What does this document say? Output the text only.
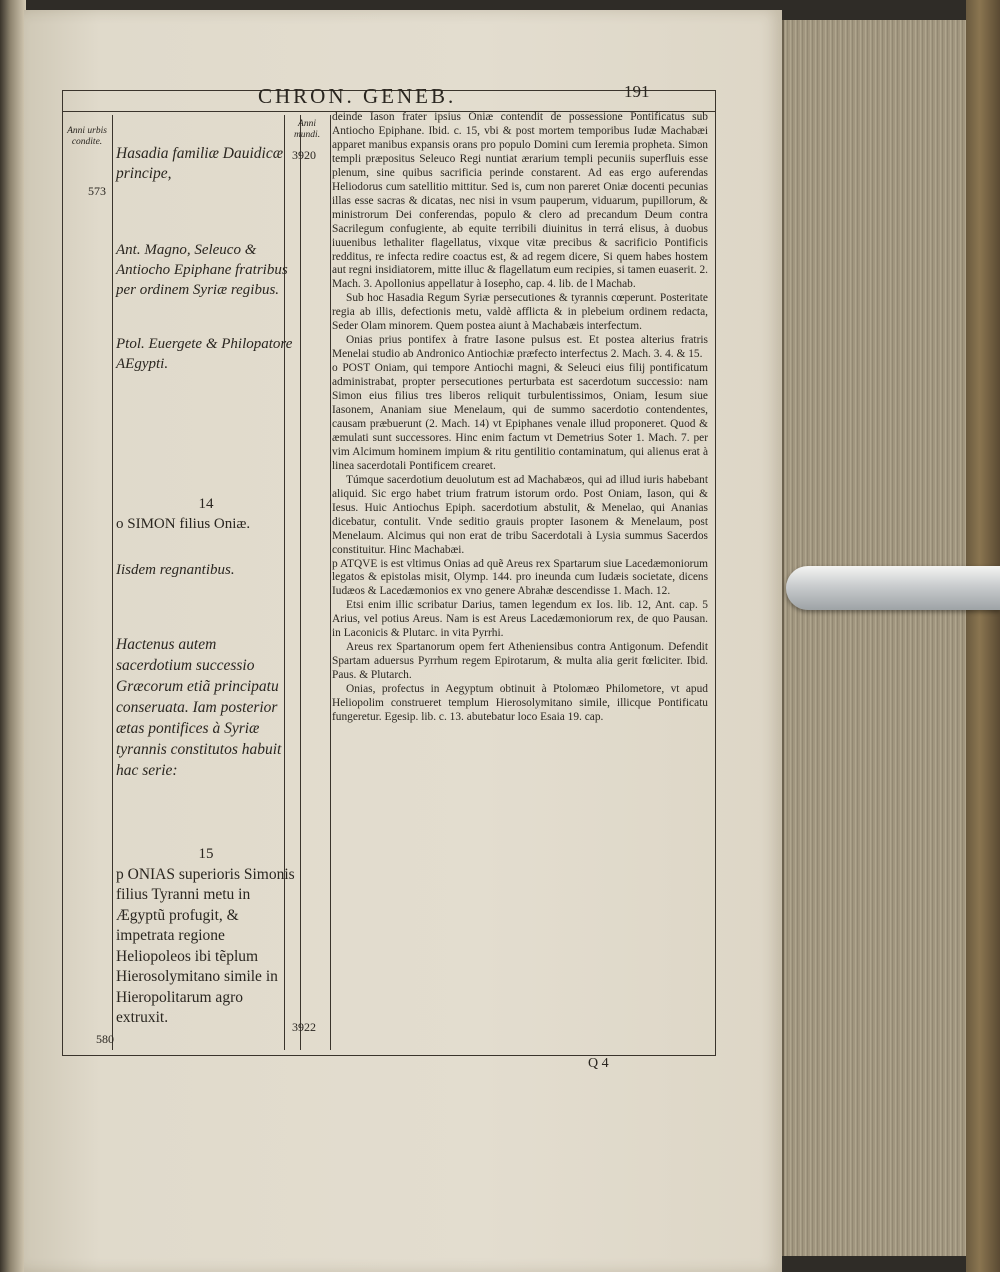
CHRON. GENEB.	191
Anni urbis condite.
Anni mundi.
573
3920
580
3922
Hasadia familiæ Dauidicæ principe,
Ant. Magno, Seleuco & Antiocho Epiphane fratribus per ordinem Syriæ regibus.
Ptol. Euergete & Philopatore AEgypti.
14
o SIMON filius Oniæ.
Iisdem regnantibus.
Hactenus autem sacerdotium successio Græcorum etiã principatu conseruata. Iam posterior ætas pontifices à Syriæ tyrannis constitutos habuit hac serie:
15
p ONIAS superioris Simonis filius Tyranni metu in Ægyptũ profugit, & impetrata regione Heliopoleos ibi tẽplum Hierosolymitano simile in Hieropolitarum agro extruxit.

deinde Iason frater ipsius Oniæ contendit de possessione Pontificatus sub Antiocho Epiphane. Ibid. c. 15, vbi & post mortem temporibus Iudæ Machabæi apparet manibus expansis orans pro populo Domini cum Ieremia propheta. Simon templi præpositus Seleuco Regi nuntiat ærarium templi pecuniis superfluis esse plenum, sine quibus sacrificia perinde constarent. Ad eas ergo auferendas Heliodorus cum satellitio mittitur. Sed is, cum non pareret Oniæ docenti pecunias illas esse sacras & dicatas, nec nisi in vsum pauperum, viduarum, pupillorum, & ministrorum Dei conferendas, populo & clero ad precandum Deum contra Sacrilegum confugiente, ab equite terribili diuinitus in terrá elisus, à duobus iuuenibus lethaliter flagellatus, vixque vitæ precibus & sacrificio Pontificis redditus, re infecta redire coactus est, & ad regem dicere, Si quem habes hostem aut regni insidiatorem, mitte illuc & flagellatum eum recipies, si tamen euaserit. 2. Mach. 3. Apollonius appellatur à Iosepho, cap. 4. lib. de l Machab.

Sub hoc Hasadia Regum Syriæ persecutiones & tyrannis cœperunt. Posteritate regia ab illis, defectionis metu, valdè afflicta & in plebeium ordinem redacta, Seder Olam minorem. Quem postea aiunt à Machabæis interfectum.

Onias prius pontifex à fratre Iasone pulsus est. Et postea alterius fratris Menelai studio ab Andronico Antiochiæ præfecto interfectus 2. Mach. 3. 4. & 15.

o POST Oniam, qui tempore Antiochi magni, & Seleuci eius filij pontificatum administrabat, propter persecutiones perturbata est sacerdotum successio: nam Simon eius filius tres liberos reliquit turbulentissimos, Oniam, Iesum siue Iasonem, Ananiam siue Menelaum, qui de summo sacerdotio contendentes, causam præbuerunt (2. Mach. 14) vt Epiphanes venale illud proponeret. Quod & æmulati sunt successores. Hinc enim factum vt Demetrius Soter 1. Mach. 7. per vim Alcimum hominem impium & ritu gentilitio contaminatum, qui alienus erat à linea sacerdotali Pontificem crearet.

Túmque sacerdotium deuolutum est ad Machabæos, qui ad illud iuris habebant aliquid. Sic ergo habet trium fratrum istorum ordo. Post Oniam, Iason, qui & Iesus. Huic Antiochus Epiph. sacerdotium abstulit, & Menelao, qui Ananias dicebatur, contulit. Vnde seditio grauis propter Iasonem & Menelaum, post Menelaum. Alcimus qui non erat de tribu Sacerdotali à Lysia summus Sacerdos constituitur. Hinc Machabæi.

p ATQVE is est vltimus Onias ad quẽ Areus rex Spartarum siue Lacedæmoniorum legatos & epistolas misit, Olymp. 144. pro ineunda cum Iudæis societate, dicens Iudæos & Lacedæmonios ex vno genere Abrahæ descendisse 1. Mach. 12.

Etsi enim illic scribatur Darius, tamen legendum ex Ios. lib. 12, Ant. cap. 5 Arius, vel potius Areus. Nam is est Areus Lacedæmoniorum rex, de quo Pausan. in Laconicis & Plutarc. in vita Pyrrhi.

Areus rex Spartanorum opem fert Atheniensibus contra Antigonum. Defendit Spartam aduersus Pyrrhum regem Epirotarum, & multa alia gerit fœliciter. Ibid. Paus. & Plutarch.

Onias, profectus in Aegyptum obtinuit à Ptolomæo Philometore, vt apud Heliopolim construeret templum Hierosolymitano simile, illicque Pontificatu fungeretur. Egesip. lib. c. 13. abutebatur loco Esaia 19. cap.

Q 4
